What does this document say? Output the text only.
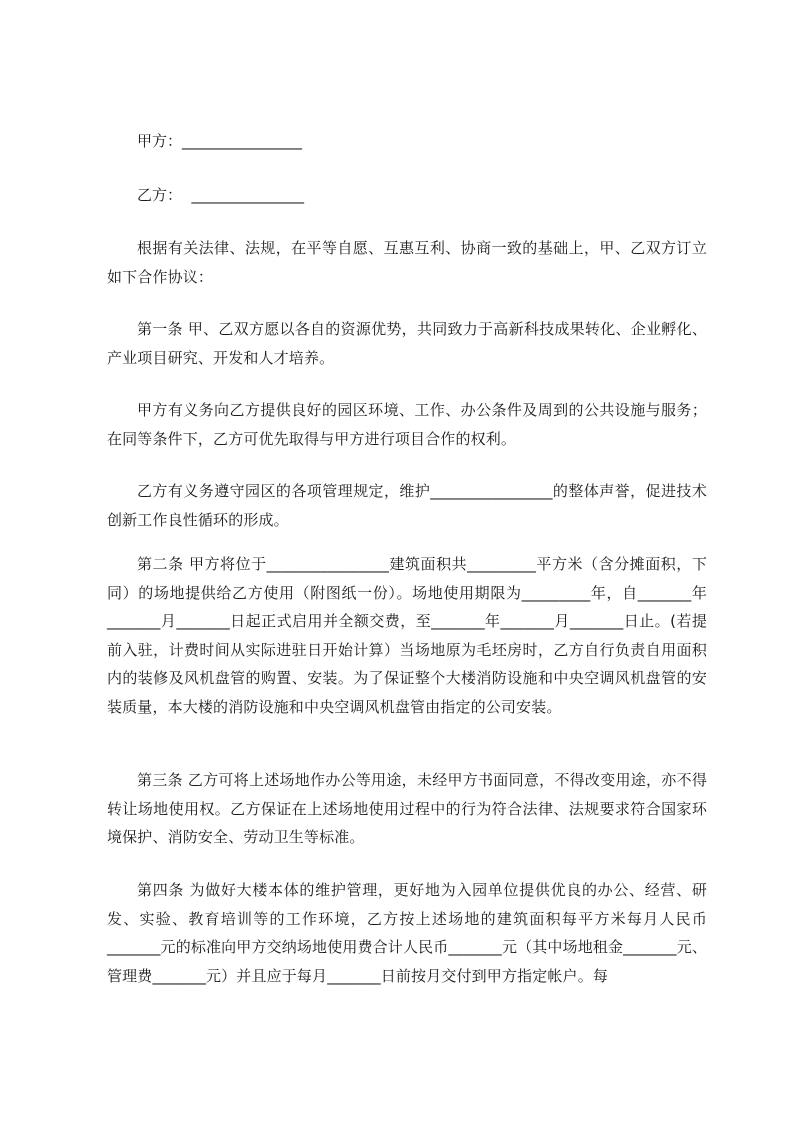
甲方：________________
乙方：  _______________

根据有关法律、法规，在平等自愿、互惠互利、协商一致的基础上，甲、乙双方订立如下合作协议：

第一条 甲、乙双方愿以各自的资源优势，共同致力于高新科技成果转化、企业孵化、产业项目研究、开发和人才培养。

甲方有义务向乙方提供良好的园区环境、工作、办公条件及周到的公共设施与服务；在同等条件下，乙方可优先取得与甲方进行项目合作的权利。

乙方有义务遵守园区的各项管理规定，维护________________的整体声誉，促进技术创新工作良性循环的形成。

第二条 甲方将位于________________建筑面积共_________平方米（含分摊面积，下同）的场地提供给乙方使用（附图纸一份）。场地使用期限为_________年，自_______年_______月_______日起正式启用并全额交费，至_______年_______月_______日止。(若提前入驻，计费时间从实际进驻日开始计算）当场地原为毛坯房时，乙方自行负责自用面积内的装修及风机盘管的购置、安装。为了保证整个大楼消防设施和中央空调风机盘管的安装质量，本大楼的消防设施和中央空调风机盘管由指定的公司安装。

第三条 乙方可将上述场地作办公等用途，未经甲方书面同意，不得改变用途，亦不得转让场地使用权。乙方保证在上述场地使用过程中的行为符合法律、法规要求符合国家环境保护、消防安全、劳动卫生等标准。

第四条 为做好大楼本体的维护管理，更好地为入园单位提供优良的办公、经营、研发、实验、教育培训等的工作环境，乙方按上述场地的建筑面积每平方米每月人民币_______元的标准向甲方交纳场地使用费合计人民币_______元（其中场地租金_______元、管理费_______元）并且应于每月_______日前按月交付到甲方指定帐户。每
